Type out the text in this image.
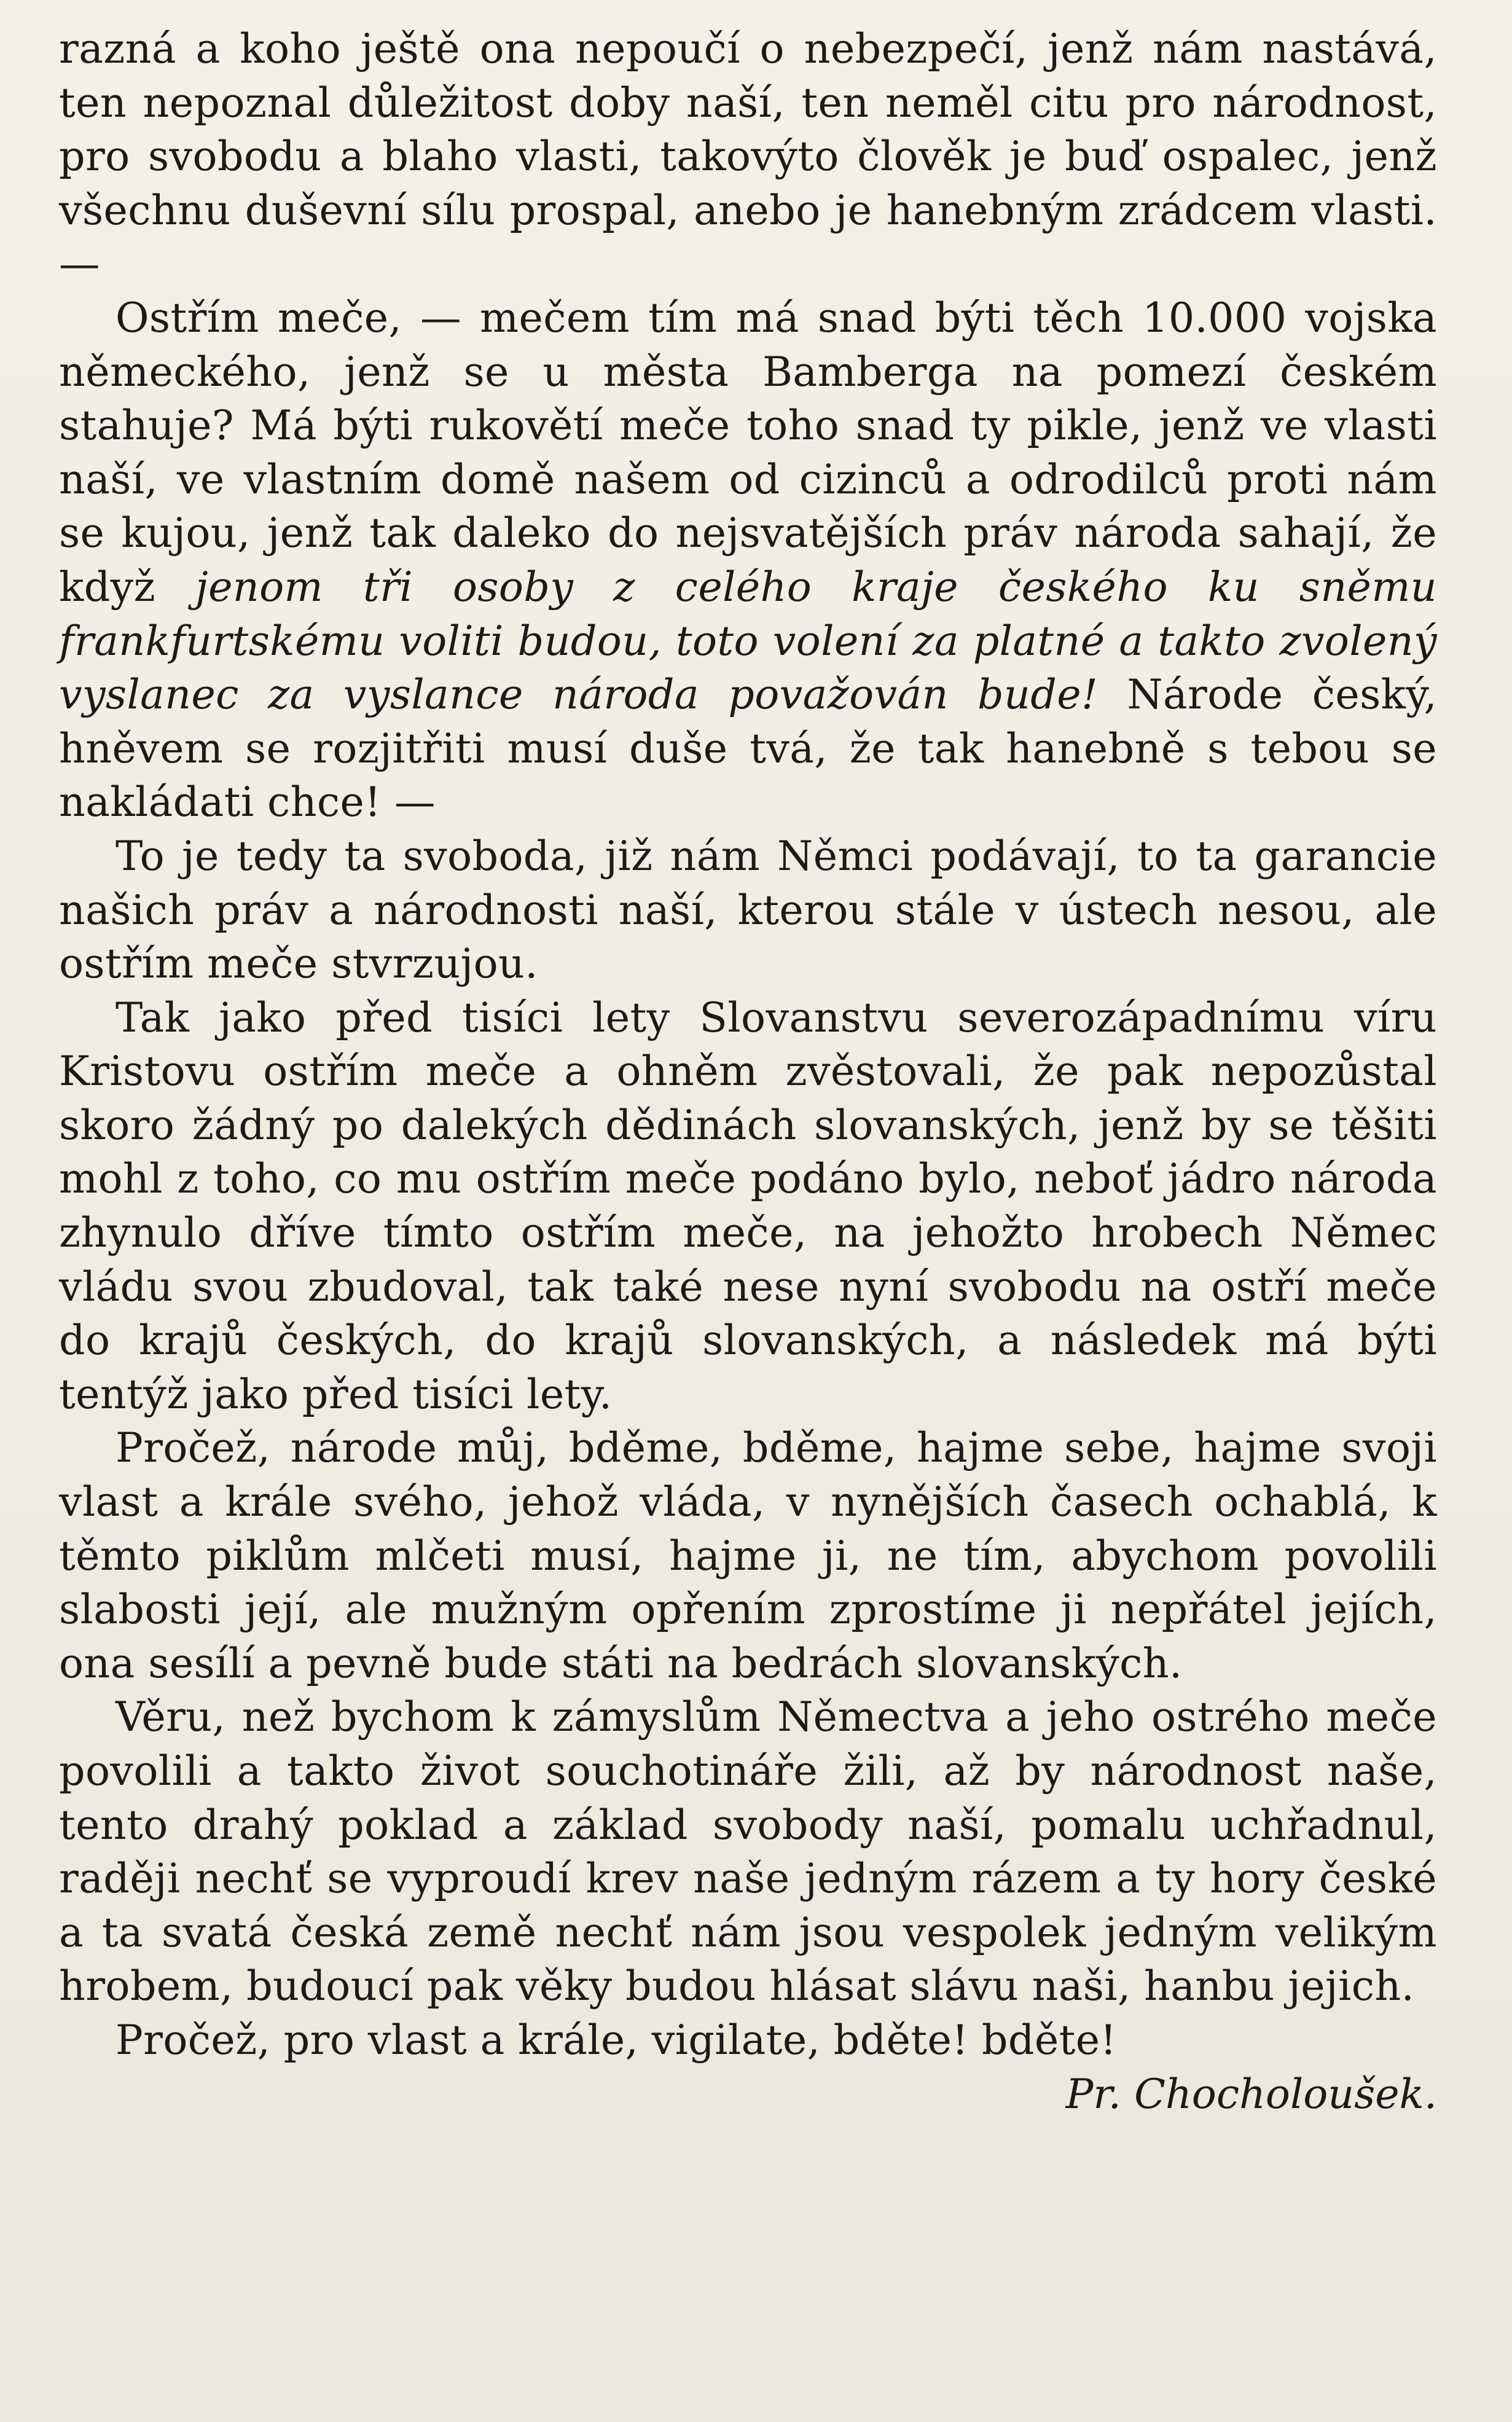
razná a koho ještě ona nepoučí o nebezpečí, jenž nám nastává, ten nepoznal důležitost doby naší, ten neměl citu pro národnost, pro svobodu a blaho vlasti, takovýto člověk je buď ospalec, jenž všechnu duševní sílu prospal, anebo je hanebným zrádcem vlasti. —

Ostřím meče, — mečem tím má snad býti těch 10.000 vojska německého, jenž se u města Bamberga na pomezí českém stahuje? Má býti rukovětí meče toho snad ty pikle, jenž ve vlasti naší, ve vlastním domě našem od cizinců a odrodilců proti nám se kujou, jenž tak daleko do nejsvatějších práv národa sahají, že když jenom tři osoby z celého kraje českého ku sněmu frankfurtskému voliti budou, toto volení za platné a takto zvolený vyslanec za vyslance národa považován bude! Národe český, hněvem se rozjitřiti musí duše tvá, že tak hanebně s tebou se nakládati chce! —

To je tedy ta svoboda, již nám Němci podávají, to ta garancie našich práv a národnosti naší, kterou stále v ústech nesou, ale ostřím meče stvrzujou.

Tak jako před tisíci lety Slovanstvu severozápadnímu víru Kristovu ostřím meče a ohněm zvěstovali, že pak nepozůstal skoro žádný po dalekých dědinách slovanských, jenž by se těšiti mohl z toho, co mu ostřím meče podáno bylo, neboť jádro národa zhynulo dříve tímto ostřím meče, na jehožto hrobech Němec vládu svou zbudoval, tak také nese nyní svobodu na ostří meče do krajů českých, do krajů slovanských, a následek má býti tentýž jako před tisíci lety.

Pročež, národe můj, bděme, bděme, hajme sebe, hajme svoji vlast a krále svého, jehož vláda, v nynějších časech ochablá, k těmto piklům mlčeti musí, hajme ji, ne tím, abychom povolili slabosti její, ale mužným opřením zprostíme ji nepřátel jejích, ona sesílí a pevně bude státi na bedrách slovanských.

Věru, než bychom k zámyslům Němectva a jeho ostrého meče povolili a takto život souchotináře žili, až by národnost naše, tento drahý poklad a základ svobody naší, pomalu uchřadnul, raději nechť se vyproudí krev naše jedným rázem a ty hory české a ta svatá česká země nechť nám jsou vespolek jedným velikým hrobem, budoucí pak věky budou hlásat slávu naši, hanbu jejich.

Pročež, pro vlast a krále, vigilate, bděte! bděte!

Pr. Chocholoušek.
